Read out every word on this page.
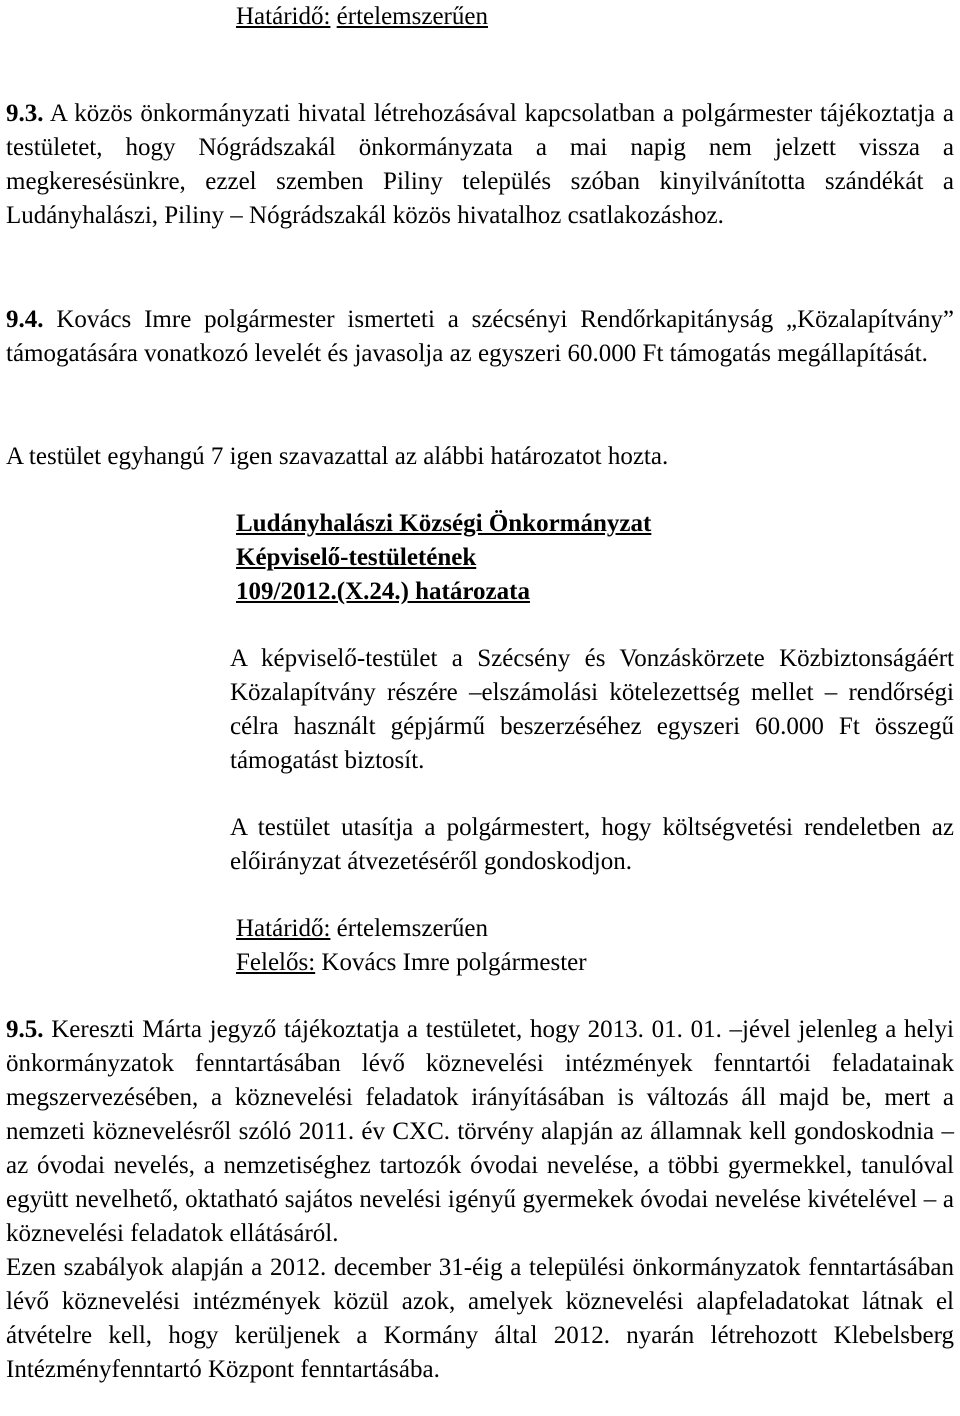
Határidő: értelemszerűen

9.3. A közös önkormányzati hivatal létrehozásával kapcsolatban a polgármester tájékoztatja a testületet, hogy Nógrádszakál önkormányzata a mai napig nem jelzett vissza a megkeresésünkre, ezzel szemben Piliny település szóban kinyilvánította szándékát a Ludányhalászi, Piliny – Nógrádszakál közös hivatalhoz csatlakozáshoz.

9.4. Kovács Imre polgármester ismerteti a szécsényi Rendőrkapitányság „Közalapítvány” támogatására vonatkozó levelét és javasolja az egyszeri 60.000 Ft támogatás megállapítását.

A testület egyhangú 7 igen szavazattal az alábbi határozatot hozta.

Ludányhalászi Községi Önkormányzat
Képviselő-testületének
109/2012.(X.24.) határozata

A képviselő-testület a Szécsény és Vonzáskörzete Közbiztonságáért Közalapítvány részére –elszámolási kötelezettség mellet – rendőrségi célra használt gépjármű beszerzéséhez egyszeri 60.000 Ft összegű támogatást biztosít.

A testület utasítja a polgármestert, hogy költségvetési rendeletben az előirányzat átvezetéséről gondoskodjon.

Határidő: értelemszerűen
Felelős: Kovács Imre polgármester

9.5. Kereszti Márta jegyző tájékoztatja a testületet, hogy 2013. 01. 01. –jével jelenleg a helyi önkormányzatok fenntartásában lévő köznevelési intézmények fenntartói feladatainak megszervezésében, a köznevelési feladatok irányításában is változás áll majd be, mert a nemzeti köznevelésről szóló 2011. év CXC. törvény alapján az államnak kell gondoskodnia – az óvodai nevelés, a nemzetiséghez tartozók óvodai nevelése, a többi gyermekkel, tanulóval együtt nevelhető, oktatható sajátos nevelési igényű gyermekek óvodai nevelése kivételével – a köznevelési feladatok ellátásáról.

Ezen szabályok alapján a 2012. december 31-éig a települési önkormányzatok fenntartásában lévő köznevelési intézmények közül azok, amelyek köznevelési alapfeladatokat látnak el átvételre kell, hogy kerüljenek a Kormány által 2012. nyarán létrehozott Klebelsberg Intézményfenntartó Központ fenntartásába.
